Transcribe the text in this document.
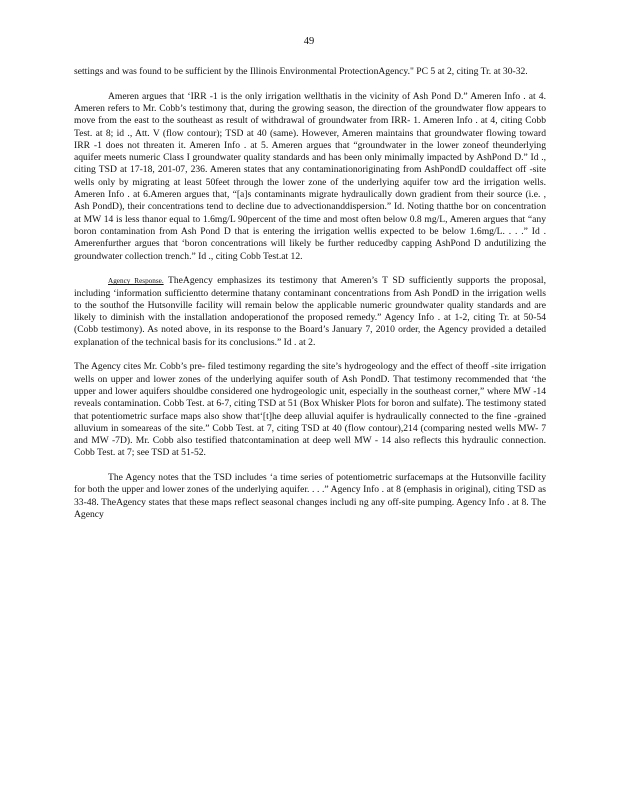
49

settings and was found to be sufficient by the Illinois Environmental ProtectionAgency." PC 5 at 2, citing Tr. at 30-32.

Ameren argues that ‘IRR -1 is the only irrigation wellthatis in the vicinity of Ash Pond D.” Ameren Info . at 4. Ameren refers to Mr. Cobb’s testimony that, during the growing season, the direction of the groundwater flow appears to move from the east to the southeast as result of withdrawal of groundwater from IRR- 1. Ameren Info . at 4, citing Cobb Test. at 8; id ., Att. V (flow contour); TSD at 40 (same). However, Ameren maintains that groundwater flowing toward IRR -1 does not threaten it. Ameren Info . at 5. Ameren argues that “groundwater in the lower zoneof theunderlying aquifer meets numeric Class I groundwater quality standards and has been only minimally impacted by AshPond D.” Id ., citing TSD at 17-18, 201-07, 236. Ameren states that any contaminationoriginating from AshPondD couldaffect off -site wells only by migrating at least 50feet through the lower zone of the underlying aquifer tow ard the irrigation wells. Ameren Info . at 6.Ameren argues that, “[a]s contaminants migrate hydraulically down gradient from their source (i.e. , Ash PondD), their concentrations tend to decline due to advectionanddispersion.” Id. Noting thatthe bor on concentration at MW 14 is less thanor equal to 1.6mg/L 90percent of the time and most often below 0.8 mg/L, Ameren argues that “any boron contamination from Ash Pond D that is entering the irrigation wellis expected to be below 1.6mg/L. . . .” Id . Amerenfurther argues that ‘boron concentrations will likely be further reducedby capping AshPond D andutilizing the groundwater collection trench.” Id ., citing Cobb Test.at 12.

Agency Response. TheAgency emphasizes its testimony that Ameren’s T SD sufficiently supports the proposal, including ‘information sufficientto determine thatany contaminant concentrations from Ash PondD in the irrigation wells to the southof the Hutsonville facility will remain below the applicable numeric groundwater quality standards and are likely to diminish with the installation andoperationof the proposed remedy.” Agency Info . at 1-2, citing Tr. at 50-54 (Cobb testimony). As noted above, in its response to the Board’s January 7, 2010 order, the Agency provided a detailed explanation of the technical basis for its conclusions.” Id . at 2.

The Agency cites Mr. Cobb’s pre- filed testimony regarding the site’s hydrogeology and the effect of theoff -site irrigation wells on upper and lower zones of the underlying aquifer south of Ash PondD. That testimony recommended that ‘the upper and lower aquifers shouldbe considered one hydrogeologic unit, especially in the southeast corner,” where MW -14 reveals contamination. Cobb Test. at 6-7, citing TSD at 51 (Box Whisker Plots for boron and sulfate). The testimony stated that potentiometric surface maps also show that‘[t]he deep alluvial aquifer is hydraulically connected to the fine -grained alluvium in someareas of the site.” Cobb Test. at 7, citing TSD at 40 (flow contour),214 (comparing nested wells MW- 7 and MW -7D). Mr. Cobb also testified thatcontamination at deep well MW - 14 also reflects this hydraulic connection. Cobb Test. at 7; see TSD at 51-52.

The Agency notes that the TSD includes ‘a time series of potentiometric surfacemaps at the Hutsonville facility for both the upper and lower zones of the underlying aquifer. . . .” Agency Info . at 8 (emphasis in original), citing TSD as 33-48. TheAgency states that these maps reflect seasonal changes includi ng any off-site pumping. Agency Info . at 8. The Agency
